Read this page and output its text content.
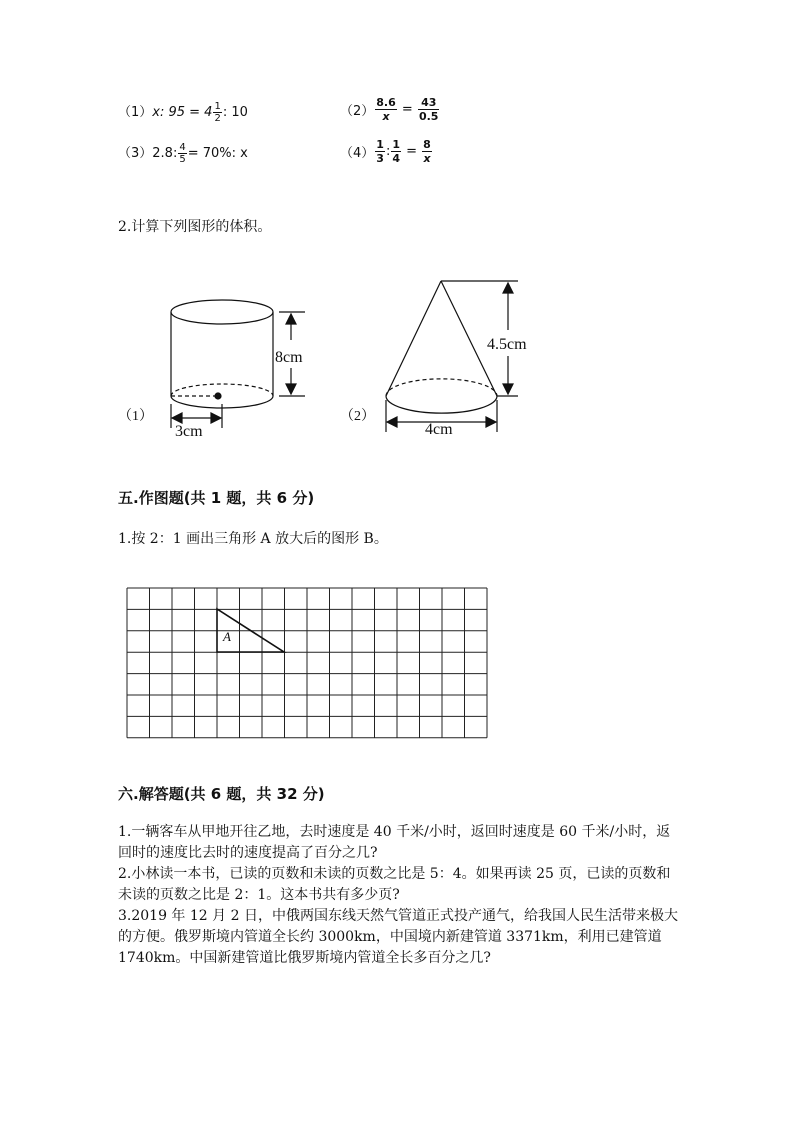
（1）x: $95 = 4 \frac{1}{2}$ : 10	$(2) \frac{8.6}{x} = \frac{43}{0.5}$
（3）2.8: $\frac{4}{5} = 70\%$: x	$(4) \frac{1}{3}$ : $\frac{1}{4} = \frac{8}{x}$
2.计算下列图形的体积。
8cm
3cm
（1）
4.5cm
4cm
（2）
五.作图题(共 1 题，共 6 分)
1.按 2：1 画出三角形 A 放大后的图形 B。
A
六.解答题(共 6 题，共 32 分)

1.一辆客车从甲地开往乙地，去时速度是 40 千米/小时，返回时速度是 60 千米/小时，返回时的速度比去时的速度提高了百分之几?

2.小林读一本书，已读的页数和未读的页数之比是 5：4。如果再读 25 页，已读的页数和未读的页数之比是 2：1。这本书共有多少页?

3.2019 年 12 月 2 日，中俄两国东线天然气管道正式投产通气，给我国人民生活带来极大的方便。俄罗斯境内管道全长约 3000km，中国境内新建管道 3371km，利用已建管道 1740km。中国新建管道比俄罗斯境内管道全长多百分之几?
